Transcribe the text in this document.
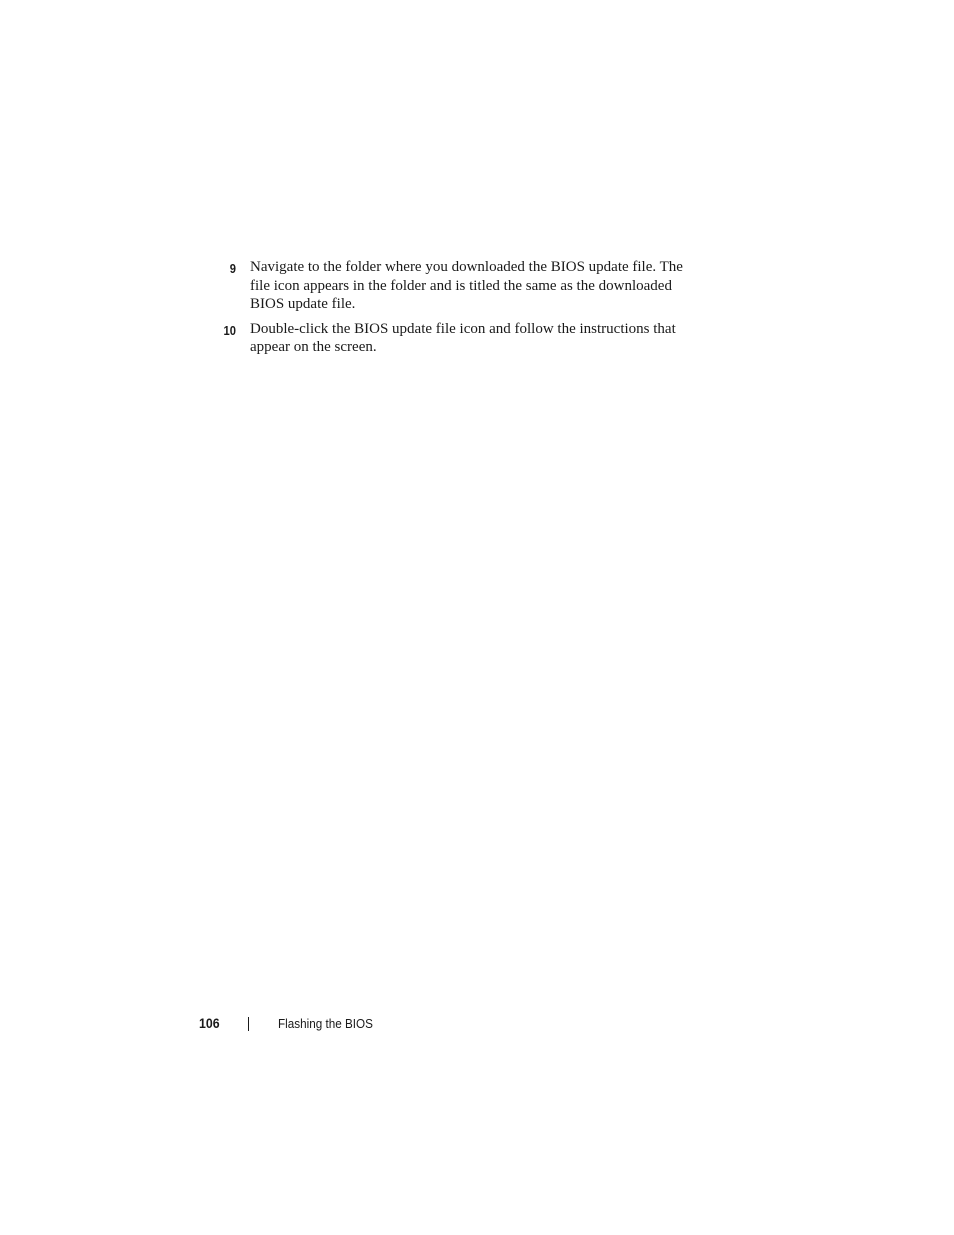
9 Navigate to the folder where you downloaded the BIOS update file. The file icon appears in the folder and is titled the same as the downloaded BIOS update file.
10 Double-click the BIOS update file icon and follow the instructions that appear on the screen.
106	Flashing the BIOS
